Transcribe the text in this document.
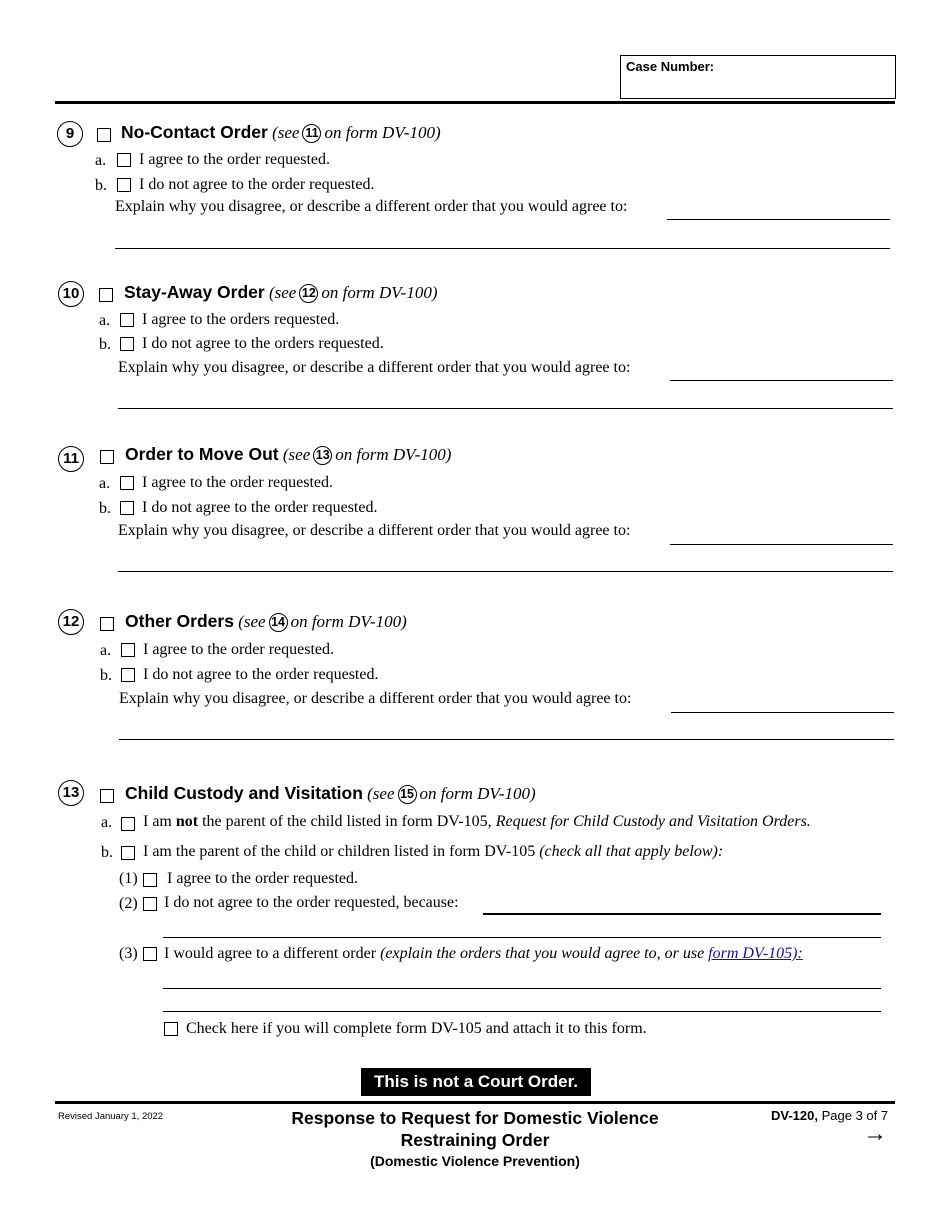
Case Number:
9	No-Contact Order (see 11 on form DV-100)
a. I agree to the order requested.
b. I do not agree to the order requested.
Explain why you disagree, or describe a different order that you would agree to:
10	Stay-Away Order (see 12 on form DV-100)
a. I agree to the orders requested.
b. I do not agree to the orders requested.
Explain why you disagree, or describe a different order that you would agree to:
11	Order to Move Out (see 13 on form DV-100)
a. I agree to the order requested.
b. I do not agree to the order requested.
Explain why you disagree, or describe a different order that you would agree to:
12	Other Orders (see 14 on form DV-100)
a. I agree to the order requested.
b. I do not agree to the order requested.
Explain why you disagree, or describe a different order that you would agree to:
13	Child Custody and Visitation (see 15 on form DV-100)
a. I am not the parent of the child listed in form DV-105, Request for Child Custody and Visitation Orders.
b. I am the parent of the child or children listed in form DV-105 (check all that apply below):
(1) I agree to the order requested.
(2) I do not agree to the order requested, because:
(3) I would agree to a different order (explain the orders that you would agree to, or use form DV-105):
Check here if you will complete form DV-105 and attach it to this form.
This is not a Court Order.
Revised January 1, 2022	Response to Request for Domestic Violence
Restraining Order
(Domestic Violence Prevention)
DV-120, Page 3 of 7
→
